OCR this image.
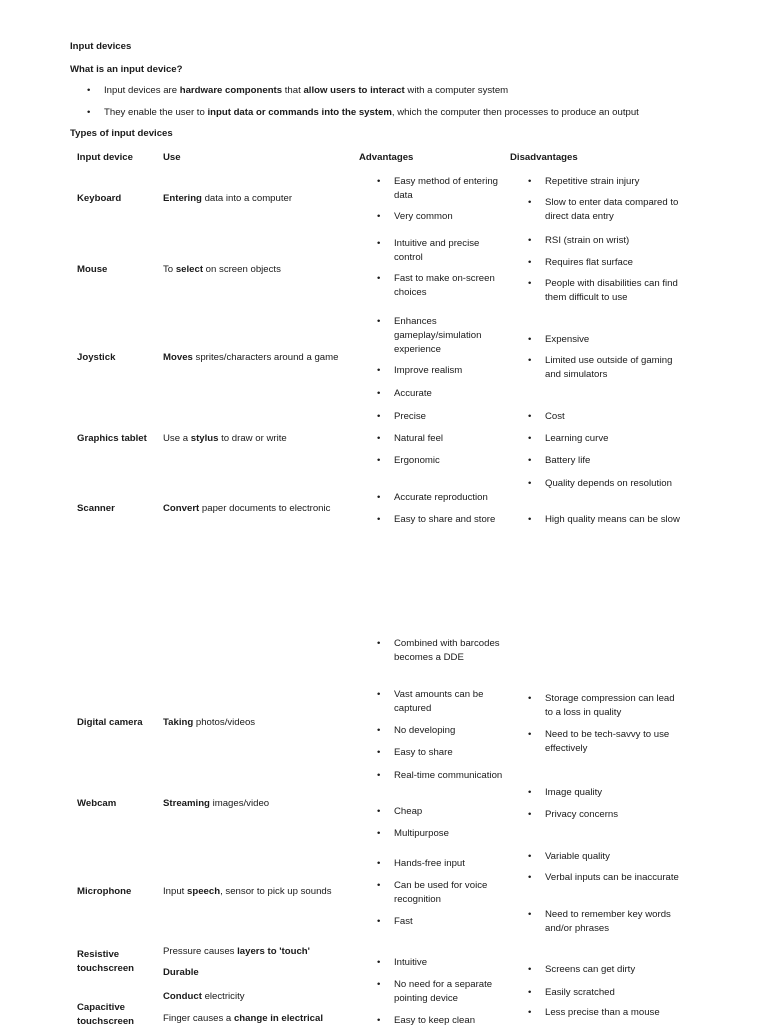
Input devices
What is an input device?
• Input devices are hardware components that allow users to interact with a computer system
• They enable the user to input data or commands into the system, which the computer then processes to produce an output
Types of input devices
Input device	Use	Advantages	Disadvantages
Keyboard	Entering data into a computer
• Easy method of entering data
• Very common
• Repetitive strain injury
• Slow to enter data compared to direct data entry
Mouse	To select on screen objects
• Intuitive and precise control
• Fast to make on-screen choices
• RSI (strain on wrist)
• Requires flat surface
• People with disabilities can find them difficult to use
Joystick	Moves sprites/characters around a game
• Enhances gameplay/simulation experience
• Improve realism
• Accurate
• Expensive
• Limited use outside of gaming and simulators
Graphics tablet	Use a stylus to draw or write
• Precise
• Natural feel
• Ergonomic
• Cost
• Learning curve
• Battery life
Scanner	Convert paper documents to electronic
• Accurate reproduction
• Easy to share and store
• Quality depends on resolution
• High quality means can be slow
Digital camera	Taking photos/videos
• Combined with barcodes becomes a DDE
• Vast amounts can be captured
• No developing
• Easy to share
• Storage compression can lead to a loss in quality
• Need to be tech-savvy to use effectively
Webcam	Streaming images/video
• Real-time communication
• Cheap
• Multipurpose
• Image quality
• Privacy concerns
Microphone	Input speech, sensor to pick up sounds
• Hands-free input
• Can be used for voice recognition
• Fast
• Variable quality
• Verbal inputs can be inaccurate
• Need to remember key words and/or phrases
Resistive touchscreen
Pressure causes layers to 'touch'
Durable
• Intuitive
• No need for a separate pointing device
• Screens can get dirty
• Easily scratched
Capacitive touchscreen
Conduct electricity
Finger causes a change in electrical
•	Easy to keep clean
• Less precise than a mouse
